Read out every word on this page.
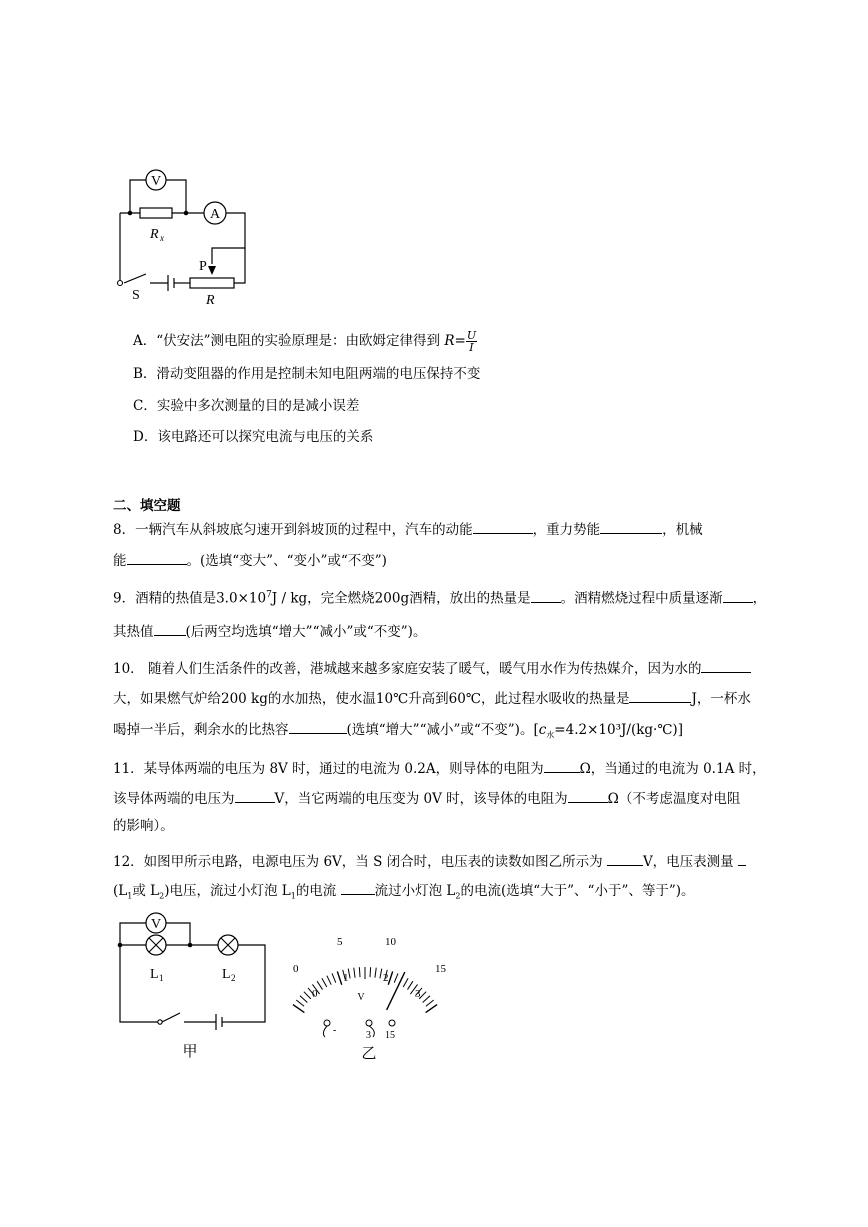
V
A
R x
P
S	R
A．“伏安法”测电阻的实验原理是：由欧姆定律得到 $R= \frac{U}{I}$
B．滑动变阻器的作用是控制未知电阻两端的电压保持不变
C．实验中多次测量的目的是减小误差
D．该电路还可以探究电流与电压的关系
二、填空题
8．一辆汽车从斜坡底匀速开到斜坡顶的过程中，汽车的动能	，重力势能	，机械
能	。(选填“变大”、“变小”或“不变”)
9．酒精的热值是$3.0\times 10^7J$ / kg，完全燃烧200g酒精，放出的热量是 。酒精燃烧过程中质量逐渐 ，
其热值 (后两空均选填“增大”“减小”或“不变”)。
10． 随着人们生活条件的改善，港城越来越多家庭安装了暖气，暖气用水作为传热媒介，因为水的
大，如果燃气炉给200 kg的水加热，使水温10℃升高到60℃，此过程水吸收的热量是	J，一杯水
喝掉一半后，剩余水的比热容	(选填“增大”“减小”或“不变”)。$[c_水=4.2\times 10^3J/(kg\cdot℃)]$
11．某导体两端的电压为 8V 时，通过的电流为 0.2A，则导体的电阻为	Ω，当通过的电流为 0.1A 时，
该导体两端的电压为	V，当它两端的电压变为 0V 时，该导体的电阻为	Ω（不考虑温度对电阻
的影响）。
12．如图甲所示电路，电源电压为 6V，当 S 闭合时，电压表的读数如图乙所示为	V，电压表测量
($L_1$或 $L_2$)电压，流过小灯泡 $L_1$的电流	流过小灯泡 $L_2$的电流(选填“大于”、“小于”、等于”)。
V
L 1	L 2
甲
0
5	10
15
0
1	2
3
V
-	3 15
乙
